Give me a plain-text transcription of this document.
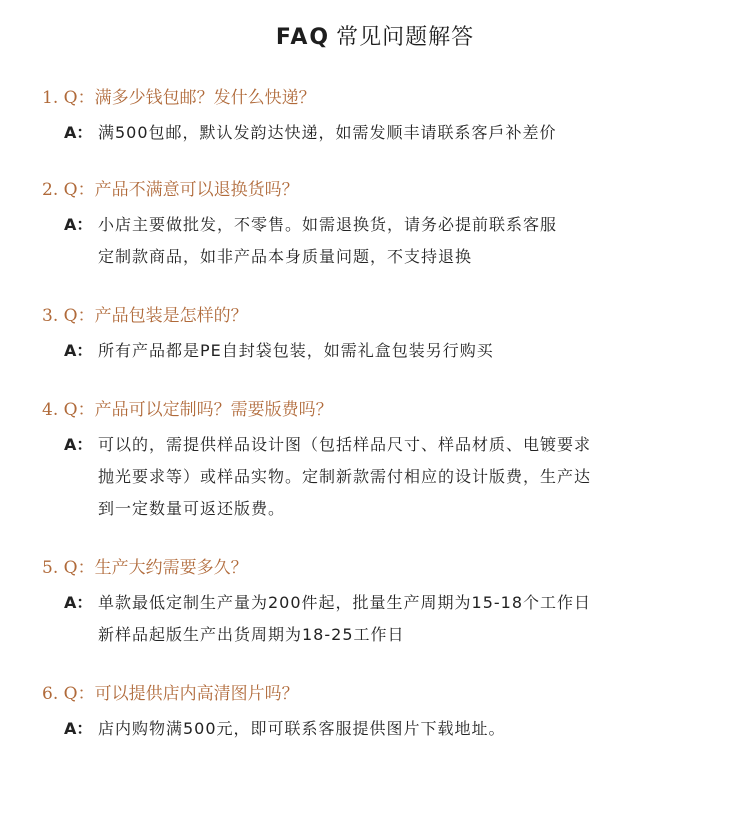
FAQ 常见问题解答
1. Q：满多少钱包邮？发什么快递？
A： 满500包邮，默认发韵达快递，如需发顺丰请联系客戶补差价
2. Q：产品不满意可以退换货吗？
A： 小店主要做批发，不零售。如需退换货，请务必提前联系客服
定制款商品，如非产品本身质量问题，不支持退换
3. Q：产品包装是怎样的？
A： 所有产品都是PE自封袋包装，如需礼盒包装另行购买
4. Q：产品可以定制吗？需要版费吗？
A： 可以的，需提供样品设计图（包括样品尺寸、样品材质、电镀要求
抛光要求等）或样品实物。定制新款需付相应的设计版费，生产达
到一定数量可返还版费。
5. Q：生产大约需要多久？
A： 单款最低定制生产量为200件起，批量生产周期为15-18个工作日
新样品起版生产出货周期为18-25工作日
6. Q：可以提供店内高清图片吗？
A： 店内购物满500元，即可联系客服提供图片下载地址。
